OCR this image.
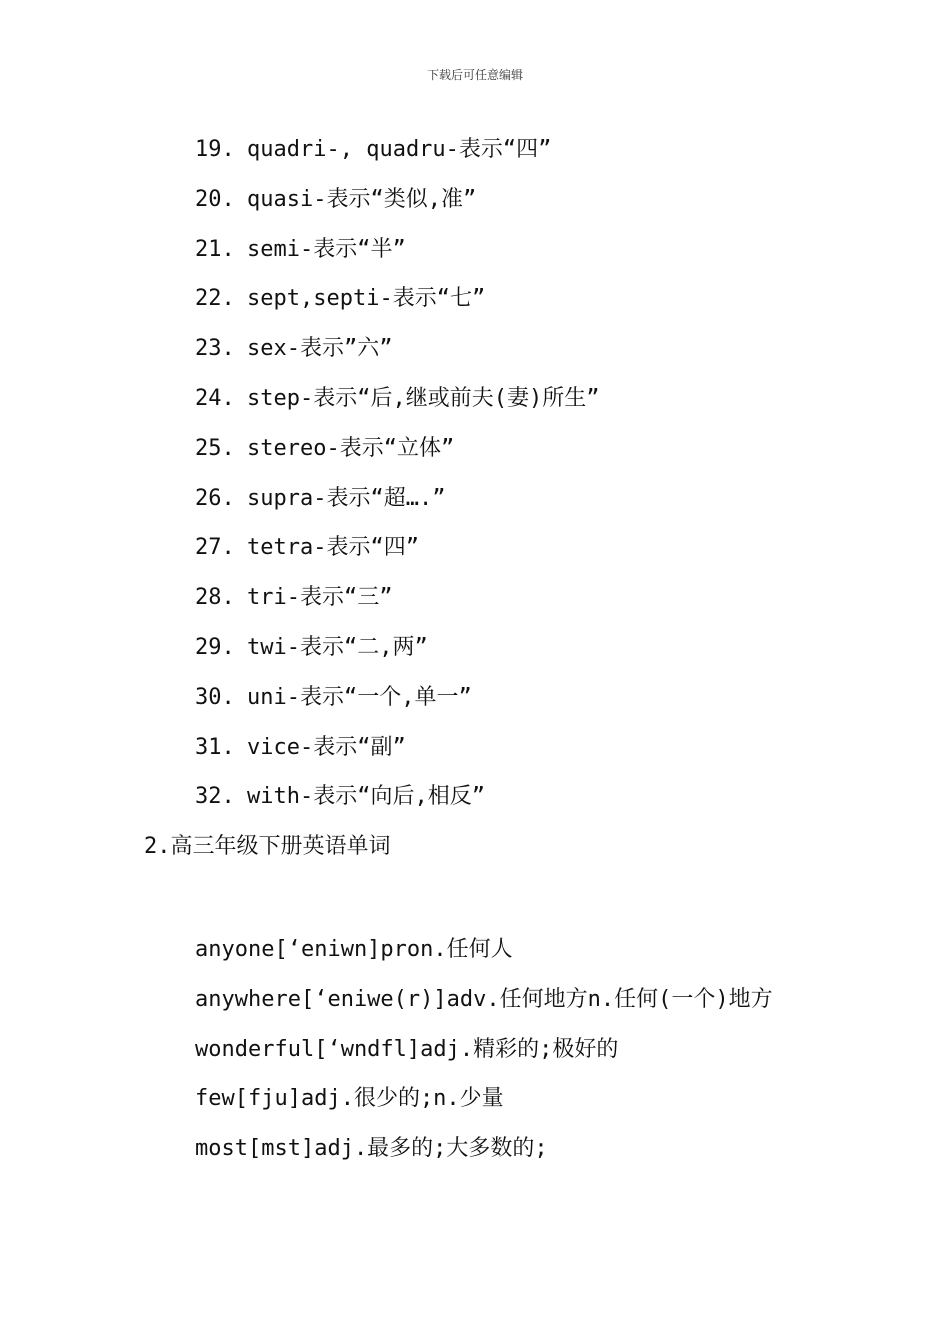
下载后可任意编辑
19. quadri-, quadru-表示“四”
20. quasi-表示“类似,准”
21. semi-表示“半”
22. sept,septi-表示“七”
23. sex-表示”六”
24. step-表示“后,继或前夫(妻)所生”
25. stereo-表示“立体”
26. supra-表示“超….”
27. tetra-表示“四”
28. tri-表示“三”
29. twi-表示“二,两”
30. uni-表示“一个,单一”
31. vice-表示“副”
32. with-表示“向后,相反”
2.高三年级下册英语单词

anyone[‘eniwn]pron.任何人

anywhere[‘eniwe(r)]adv.任何地方n.任何(一个)地方

wonderful[‘wndfl]adj.精彩的;极好的

few[fju]adj.很少的;n.少量

most[mst]adj.最多的;大多数的;
